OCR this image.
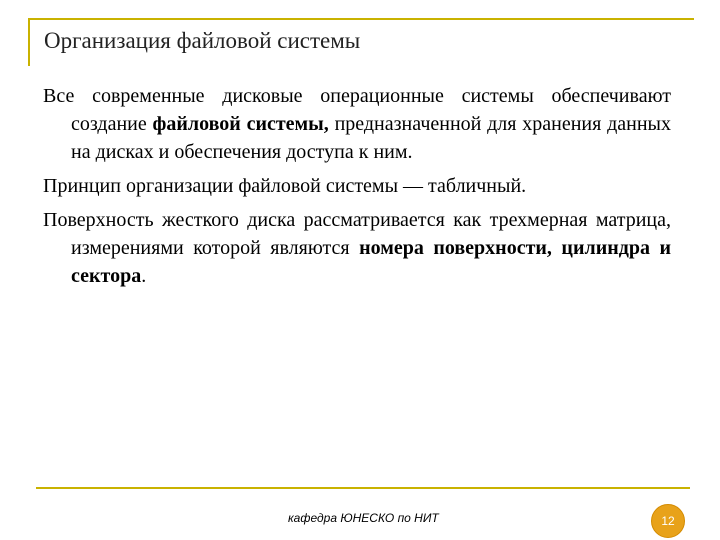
Организация файловой системы

Все современные дисковые операционные системы обеспечивают создание файловой системы, предназначенной для хранения данных на дисках и обеспечения доступа к ним.

Принцип организации файловой системы — табличный.

Поверхность жесткого диска рассматривается как трехмерная матрица, измерениями которой являются номера поверхности, цилиндра и сектора.

кафедра ЮНЕСКО по НИТ	12
